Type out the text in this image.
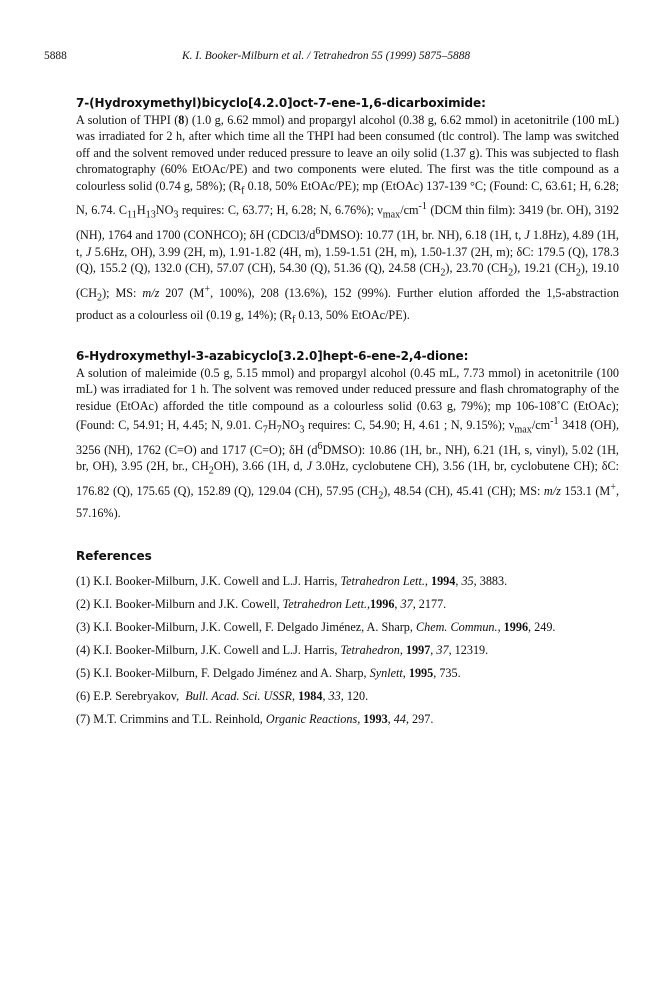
5888	K. I. Booker-Milburn et al. / Tetrahedron 55 (1999) 5875–5888
7-(Hydroxymethyl)bicyclo[4.2.0]oct-7-ene-1,6-dicarboximide:

A solution of THPI (8) (1.0 g, 6.62 mmol) and propargyl alcohol (0.38 g, 6.62 mmol) in acetonitrile (100 mL) was irradiated for 2 h, after which time all the THPI had been consumed (tlc control). The lamp was switched off and the solvent removed under reduced pressure to leave an oily solid (1.37 g). This was subjected to flash chromatography (60% EtOAc/PE) and two components were eluted. The first was the title compound as a colourless solid (0.74 g, 58%); ($R_f$ 0.18, 50% EtOAc/PE); mp (EtOAc) 137-139 °C; (Found: C, 63.61; H, 6.28; N, 6.74. $C_{11}H_{13}NO_3$ requires: C, 63.77; H, 6.28; N, 6.76%); $\nu_{max}/cm^{-1}$ (DCM thin film): 3419 (br. OH), 3192 (NH), 1764 and 1700 (CONHCO); δH $(CDCl3/d^6DMSO)$: 10.77 (1H, br. NH), 6.18 (1H, t, J 1.8Hz), 4.89 (1H, t, J 5.6Hz, OH), 3.99 (2H, m), 1.91-1.82 (4H, m), 1.59-1.51 (2H, m), 1.50-1.37 (2H, m); δC: 179.5 (Q), 178.3 (Q), 155.2 (Q), 132.0 (CH), 57.07 (CH), 54.30 (Q), 51.36 (Q), 24.58 $(CH_2)$, 23.70 $(CH_2)$, 19.21 $(CH_2)$, 19.10 $(CH_2)$; MS: m/z 207 (M+, 100%), 208 (13.6%), 152 (99%). Further elution afforded the 1,5-abstraction product as a colourless oil (0.19 g, 14%); ($R_f$ 0.13, 50% EtOAc/PE).

6-Hydroxymethyl-3-azabicyclo[3.2.0]hept-6-ene-2,4-dione:

A solution of maleimide (0.5 g, 5.15 mmol) and propargyl alcohol (0.45 mL, 7.73 mmol) in acetonitrile (100 mL) was irradiated for 1 h. The solvent was removed under reduced pressure and flash chromatography of the residue (EtOAc) afforded the title compound as a colourless solid (0.63 g, 79%); mp 106-108˚C (EtOAc); (Found: C, 54.91; H, 4.45; N, 9.01. $C_7H_7NO_3$ requires: C, 54.90; H, 4.61 ; N, 9.15%); $\nu_{max}/cm^{-1}$ 3418 (OH), 3256 (NH), 1762 (C=O) and 1717 (C=O); δH $(d^6DMSO)$: 10.86 (1H, br., NH), 6.21 (1H, s, vinyl), 5.02 (1H, br, OH), 3.95 (2H, br., $CH_2OH$), 3.66 (1H, d, J 3.0Hz, cyclobutene CH), 3.56 (1H, br, cyclobutene CH); δC: 176.82 (Q), 175.65 (Q), 152.89 (Q), 129.04 (CH), 57.95 $(CH_2)$, 48.54 (CH), 45.41 (CH); MS: m/z 153.1 (M+, 57.16%).

References
(1) K.I. Booker-Milburn, J.K. Cowell and L.J. Harris, Tetrahedron Lett., 1994, 35, 3883.
(2) K.I. Booker-Milburn and J.K. Cowell, Tetrahedron Lett.,1996, 37, 2177.
(3) K.I. Booker-Milburn, J.K. Cowell, F. Delgado Jiménez, A. Sharp, Chem. Commun., 1996, 249.
(4) K.I. Booker-Milburn, J.K. Cowell and L.J. Harris, Tetrahedron, 1997, 37, 12319.
(5) K.I. Booker-Milburn, F. Delgado Jiménez and A. Sharp, Synlett, 1995, 735.
(6) E.P. Serebryakov,  Bull. Acad. Sci. USSR, 1984, 33, 120.
(7) M.T. Crimmins and T.L. Reinhold, Organic Reactions, 1993, 44, 297.
